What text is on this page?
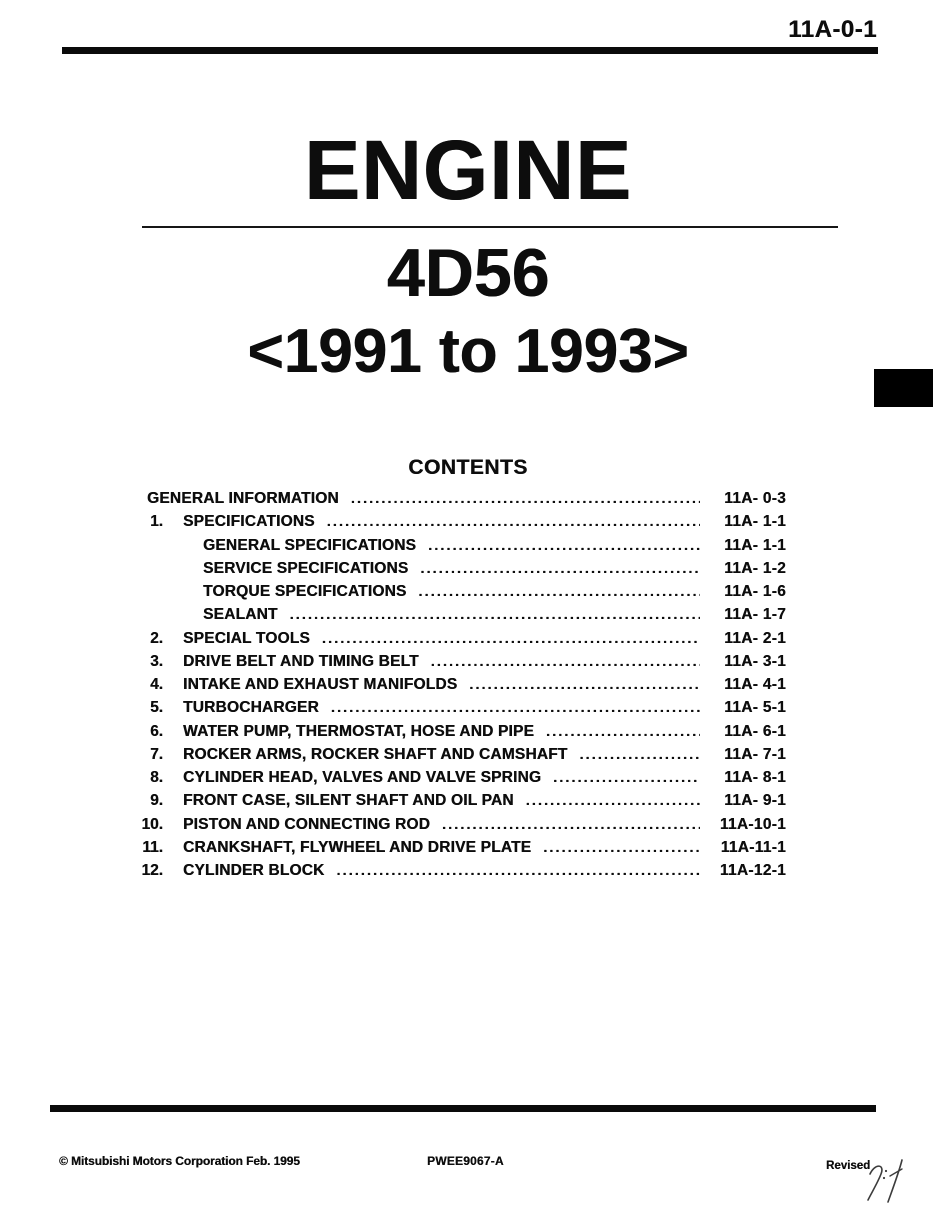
11A-0-1
ENGINE
4D56
<1991 to 1993>
CONTENTS
GENERAL INFORMATION .....	11A- 0-3
1. SPECIFICATIONS .....	11A- 1-1
GENERAL SPECIFICATIONS .....	11A- 1-1
SERVICE SPECIFICATIONS .....	11A- 1-2
TORQUE SPECIFICATIONS .....	11A- 1-6
SEALANT .....	11A- 1-7
2. SPECIAL TOOLS .....	11A- 2-1
3. DRIVE BELT AND TIMING BELT .....	11A- 3-1
4. INTAKE AND EXHAUST MANIFOLDS .....	11A- 4-1
5. TURBOCHARGER .....	11A- 5-1
6. WATER PUMP, THERMOSTAT, HOSE AND PIPE .....	11A- 6-1
7. ROCKER ARMS, ROCKER SHAFT AND CAMSHAFT .....	11A- 7-1
8. CYLINDER HEAD, VALVES AND VALVE SPRING .....	11A- 8-1
9. FRONT CASE, SILENT SHAFT AND OIL PAN .....	11A- 9-1
10. PISTON AND CONNECTING ROD .....	11A-10-1
11. CRANKSHAFT, FLYWHEEL AND DRIVE PLATE .....	11A-11-1
12. CYLINDER BLOCK .....	11A-12-1
© Mitsubishi Motors Corporation Feb. 1995	PWEE9067-A	Revised
